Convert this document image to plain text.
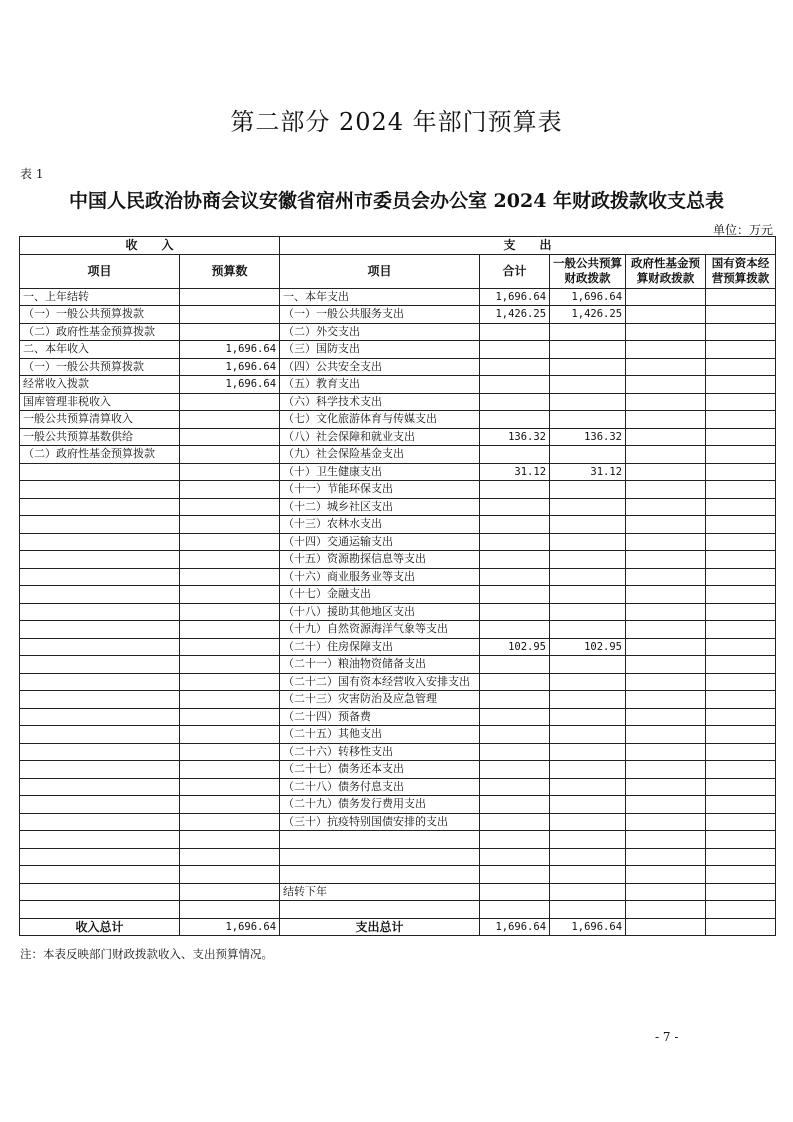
第二部分 2024 年部门预算表
表 1
中国人民政治协商会议安徽省宿州市委员会办公室 2024 年财政拨款收支总表
单位：万元
收　　入		支　　出				
项目	预算数	项目	合计	一般公共预算财政拨款	政府性基金预算财政拨款	国有资本经营预算拨款
一、上年结转		一、本年支出	1,696.64	1,696.64		
（一）一般公共预算拨款		（一）一般公共服务支出	1,426.25	1,426.25		
（二）政府性基金预算拨款		（二）外交支出				
二、本年收入	1,696.64	（三）国防支出				
（一）一般公共预算拨款	1,696.64	（四）公共安全支出				
经常收入拨款	1,696.64	（五）教育支出				
国库管理非税收入		（六）科学技术支出				
一般公共预算清算收入		（七）文化旅游体育与传媒支出				
一般公共预算基数供给		（八）社会保障和就业支出	136.32	136.32		
（二）政府性基金预算拨款		（九）社会保险基金支出				
		（十）卫生健康支出	31.12	31.12		
		（十一）节能环保支出				
		（十二）城乡社区支出				
		（十三）农林水支出				
		（十四）交通运输支出				
		（十五）资源勘探信息等支出				
		（十六）商业服务业等支出				
		（十七）金融支出				
		（十八）援助其他地区支出				
		（十九）自然资源海洋气象等支出				
		（二十）住房保障支出	102.95	102.95		
		（二十一）粮油物资储备支出				
		（二十二）国有资本经营收入安排支出				
		（二十三）灾害防治及应急管理				
		（二十四）预备费				
		（二十五）其他支出				
		（二十六）转移性支出				
		（二十七）债务还本支出				
		（二十八）债务付息支出				
		（二十九）债务发行费用支出				
		（三十）抗疫特别国债安排的支出				

		结转下年				

收入总计	1,696.64	支出总计	1,696.64	1,696.64		
注：本表反映部门财政拨款收入、支出预算情况。
- 7 -
